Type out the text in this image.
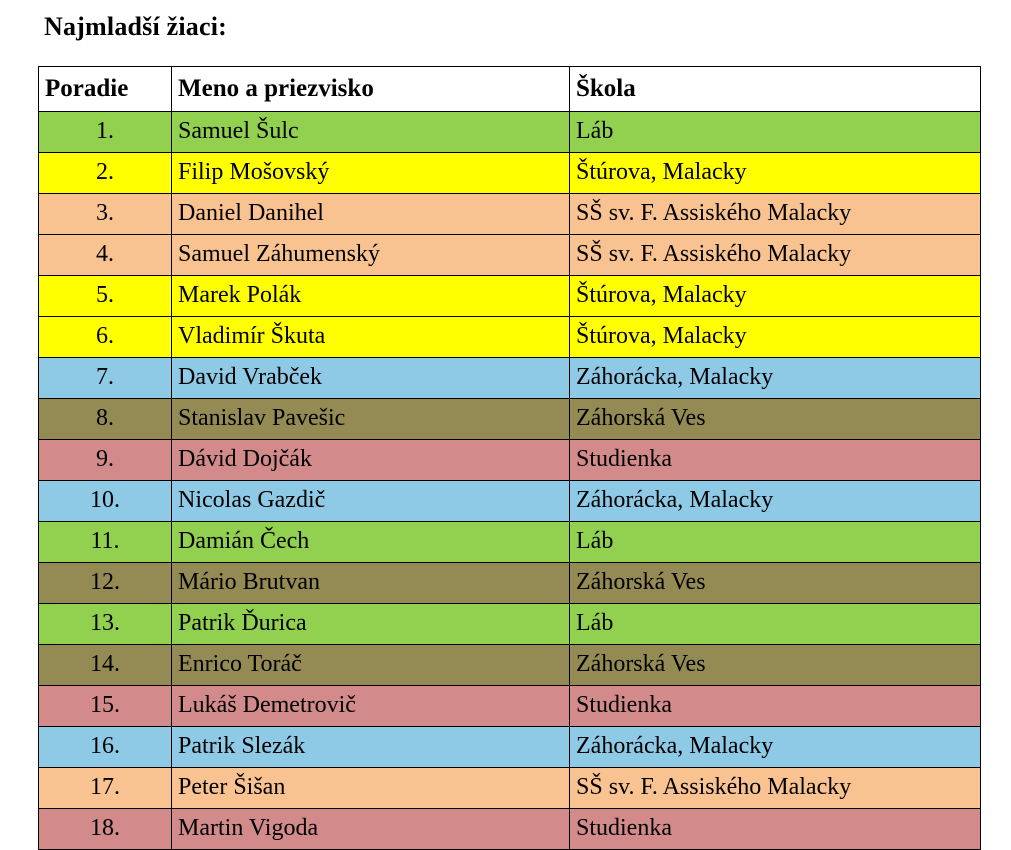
Najmladší žiaci:
Poradie	Meno a priezvisko	Škola
1.	Samuel Šulc	Láb
2.	Filip Mošovský	Štúrova, Malacky
3.	Daniel Danihel	SŠ sv. F. Assiského Malacky
4.	Samuel Záhumenský	SŠ sv. F. Assiského Malacky
5.	Marek Polák	Štúrova, Malacky
6.	Vladimír Škuta	Štúrova, Malacky
7.	David Vrabček	Záhorácka, Malacky
8.	Stanislav Pavešic	Záhorská Ves
9.	Dávid Dojčák	Studienka
10.	Nicolas Gazdič	Záhorácka, Malacky
11.	Damián Čech	Láb
12.	Mário Brutvan	Záhorská Ves
13.	Patrik Ďurica	Láb
14.	Enrico Toráč	Záhorská Ves
15.	Lukáš Demetrovič	Studienka
16.	Patrik Slezák	Záhorácka, Malacky
17.	Peter Šišan	SŠ sv. F. Assiského Malacky
18.	Martin Vigoda	Studienka
